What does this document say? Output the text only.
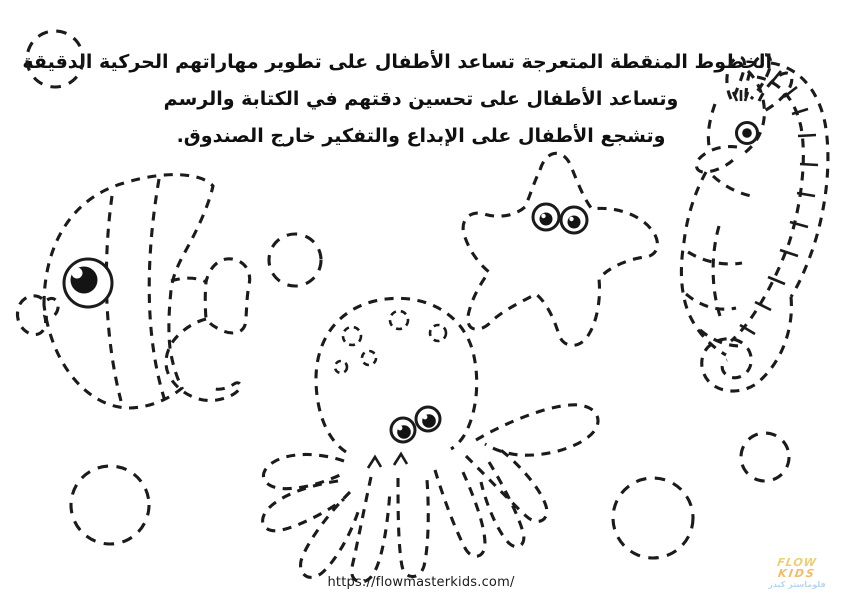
الخطوط المنقطة المتعرجة تساعد الأطفال على تطوير مهاراتهم الحركية الدقيقة
وتساعد الأطفال على تحسين دقتهم في الكتابة والرسم
وتشجع الأطفال على الإبداع والتفكير خارج الصندوق.
https://flowmasterkids.com/
FLOW
KIDS
فلوماستر كيدز
